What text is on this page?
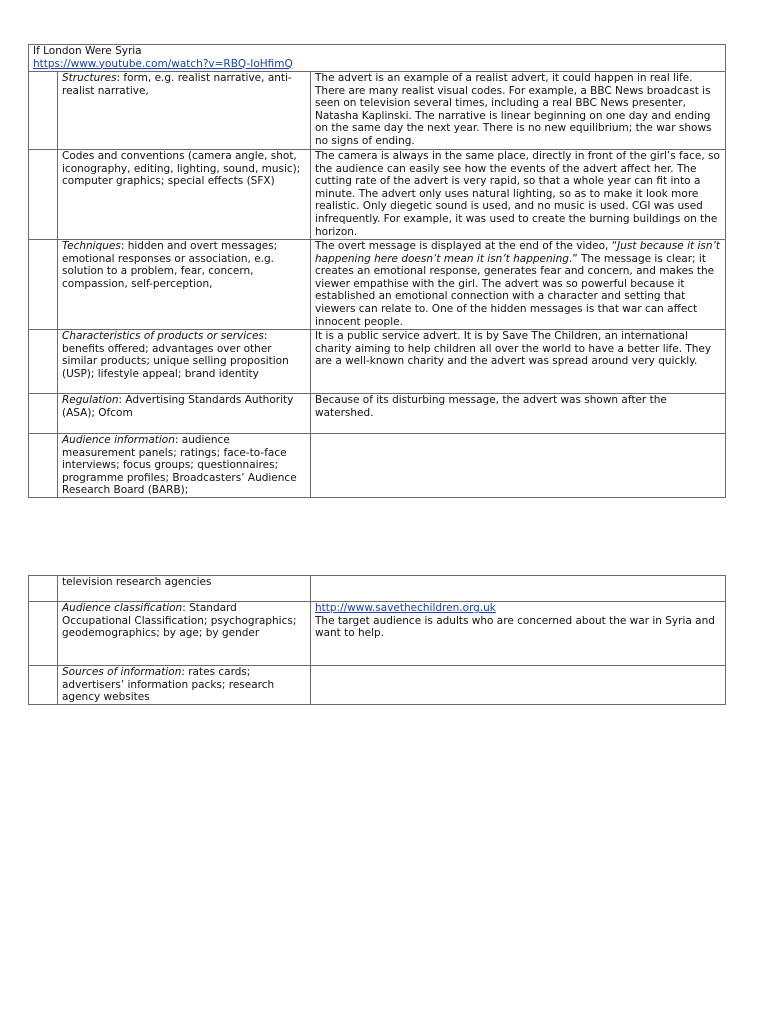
If London Were Syria
https://www.youtube.com/watch?v=RBQ-IoHfimQ		

	Structures: form, e.g. realist narrative, anti-realist narrative,	The advert is an example of a realist advert, it could happen in real life. There are many realist visual codes. For example, a BBC News broadcast is seen on television several times, including a real BBC News presenter, Natasha Kaplinski. The narrative is linear beginning on one day and ending on the same day the next year. There is no new equilibrium; the war shows no signs of ending.
	Codes and conventions (camera angle, shot, iconography, editing, lighting, sound, music); computer graphics; special effects (SFX)	The camera is always in the same place, directly in front of the girl’s face, so the audience can easily see how the events of the advert affect her. The cutting rate of the advert is very rapid, so that a whole year can fit into a minute. The advert only uses natural lighting, so as to make it look more realistic. Only diegetic sound is used, and no music is used. CGI was used infrequently. For example, it was used to create the burning buildings on the horizon.
	Techniques: hidden and overt messages; emotional responses or association, e.g. solution to a problem, fear, concern, compassion, self-perception,	The overt message is displayed at the end of the video, “Just because it isn’t happening here doesn’t mean it isn’t happening.” The message is clear; it creates an emotional response, generates fear and concern, and makes the viewer empathise with the girl. The advert was so powerful because it established an emotional connection with a character and setting that viewers can relate to. One of the hidden messages is that war can affect innocent people.
	Characteristics of products or services: benefits offered; advantages over other similar products; unique selling proposition (USP); lifestyle appeal; brand identity	It is a public service advert. It is by Save The Children, an international charity aiming to help children all over the world to have a better life. They are a well-known charity and the advert was spread around very quickly.
	Regulation: Advertising Standards Authority (ASA); Ofcom	Because of its disturbing message, the advert was shown after the watershed.
	Audience information: audience measurement panels; ratings; face-to-face interviews; focus groups; questionnaires; programme profiles; Broadcasters’ Audience Research Board (BARB);	
	television research agencies	
	Audience classification: Standard Occupational Classification; psychographics; geodemographics; by age; by gender	http://www.savethechildren.org.uk
The target audience is adults who are concerned about the war in Syria and want to help.

	Sources of information: rates cards; advertisers’ information packs; research agency websites	
